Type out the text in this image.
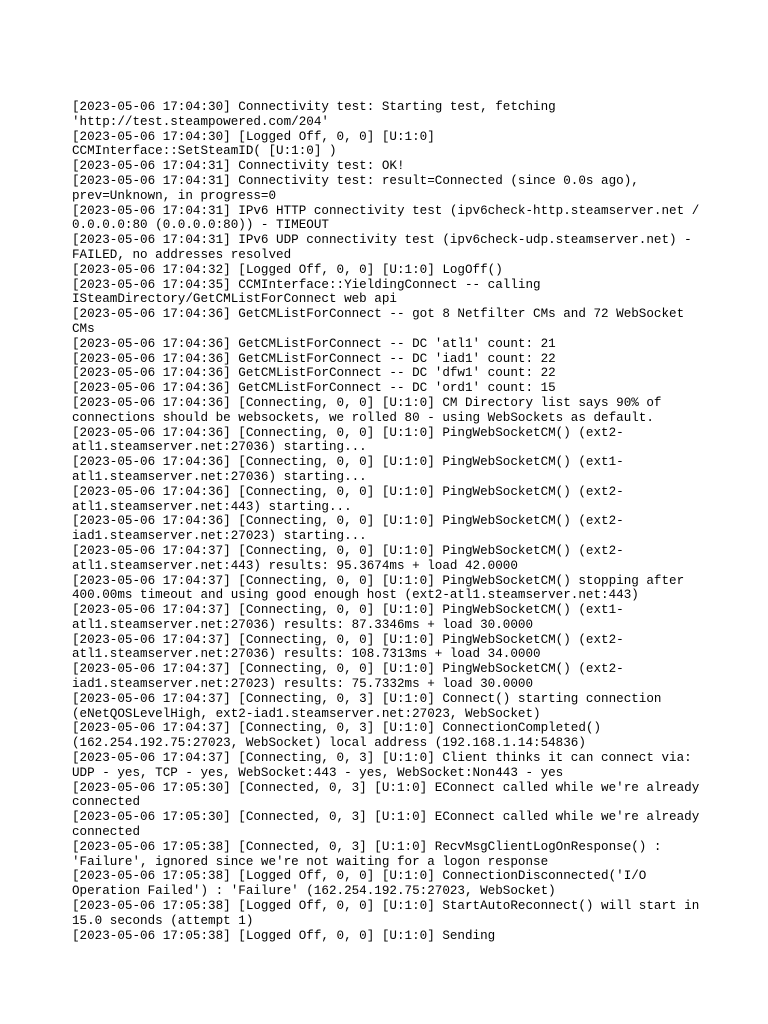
[2023-05-06 17:04:30] Connectivity test: Starting test, fetching
'http://test.steampowered.com/204'
[2023-05-06 17:04:30] [Logged Off, 0, 0] [U:1:0]
CCMInterface::SetSteamID( [U:1:0] )
[2023-05-06 17:04:31] Connectivity test: OK!
[2023-05-06 17:04:31] Connectivity test: result=Connected (since 0.0s ago),
prev=Unknown, in progress=0
[2023-05-06 17:04:31] IPv6 HTTP connectivity test (ipv6check-http.steamserver.net /
0.0.0.0:80 (0.0.0.0:80)) - TIMEOUT
[2023-05-06 17:04:31] IPv6 UDP connectivity test (ipv6check-udp.steamserver.net) -
FAILED, no addresses resolved
[2023-05-06 17:04:32] [Logged Off, 0, 0] [U:1:0] LogOff()
[2023-05-06 17:04:35] CCMInterface::YieldingConnect -- calling
ISteamDirectory/GetCMListForConnect web api
[2023-05-06 17:04:36] GetCMListForConnect -- got 8 Netfilter CMs and 72 WebSocket
CMs
[2023-05-06 17:04:36] GetCMListForConnect -- DC 'atl1' count: 21
[2023-05-06 17:04:36] GetCMListForConnect -- DC 'iad1' count: 22
[2023-05-06 17:04:36] GetCMListForConnect -- DC 'dfw1' count: 22
[2023-05-06 17:04:36] GetCMListForConnect -- DC 'ord1' count: 15
[2023-05-06 17:04:36] [Connecting, 0, 0] [U:1:0] CM Directory list says 90% of
connections should be websockets, we rolled 80 - using WebSockets as default.
[2023-05-06 17:04:36] [Connecting, 0, 0] [U:1:0] PingWebSocketCM() (ext2-
atl1.steamserver.net:27036) starting...
[2023-05-06 17:04:36] [Connecting, 0, 0] [U:1:0] PingWebSocketCM() (ext1-
atl1.steamserver.net:27036) starting...
[2023-05-06 17:04:36] [Connecting, 0, 0] [U:1:0] PingWebSocketCM() (ext2-
atl1.steamserver.net:443) starting...
[2023-05-06 17:04:36] [Connecting, 0, 0] [U:1:0] PingWebSocketCM() (ext2-
iad1.steamserver.net:27023) starting...
[2023-05-06 17:04:37] [Connecting, 0, 0] [U:1:0] PingWebSocketCM() (ext2-
atl1.steamserver.net:443) results: 95.3674ms + load 42.0000
[2023-05-06 17:04:37] [Connecting, 0, 0] [U:1:0] PingWebSocketCM() stopping after
400.00ms timeout and using good enough host (ext2-atl1.steamserver.net:443)
[2023-05-06 17:04:37] [Connecting, 0, 0] [U:1:0] PingWebSocketCM() (ext1-
atl1.steamserver.net:27036) results: 87.3346ms + load 30.0000
[2023-05-06 17:04:37] [Connecting, 0, 0] [U:1:0] PingWebSocketCM() (ext2-
atl1.steamserver.net:27036) results: 108.7313ms + load 34.0000
[2023-05-06 17:04:37] [Connecting, 0, 0] [U:1:0] PingWebSocketCM() (ext2-
iad1.steamserver.net:27023) results: 75.7332ms + load 30.0000
[2023-05-06 17:04:37] [Connecting, 0, 3] [U:1:0] Connect() starting connection
(eNetQOSLevelHigh, ext2-iad1.steamserver.net:27023, WebSocket)
[2023-05-06 17:04:37] [Connecting, 0, 3] [U:1:0] ConnectionCompleted()
(162.254.192.75:27023, WebSocket) local address (192.168.1.14:54836)
[2023-05-06 17:04:37] [Connecting, 0, 3] [U:1:0] Client thinks it can connect via:
UDP - yes, TCP - yes, WebSocket:443 - yes, WebSocket:Non443 - yes
[2023-05-06 17:05:30] [Connected, 0, 3] [U:1:0] EConnect called while we're already
connected
[2023-05-06 17:05:30] [Connected, 0, 3] [U:1:0] EConnect called while we're already
connected
[2023-05-06 17:05:38] [Connected, 0, 3] [U:1:0] RecvMsgClientLogOnResponse() :
'Failure', ignored since we're not waiting for a logon response
[2023-05-06 17:05:38] [Logged Off, 0, 0] [U:1:0] ConnectionDisconnected('I/O
Operation Failed') : 'Failure' (162.254.192.75:27023, WebSocket)
[2023-05-06 17:05:38] [Logged Off, 0, 0] [U:1:0] StartAutoReconnect() will start in
15.0 seconds (attempt 1)
[2023-05-06 17:05:38] [Logged Off, 0, 0] [U:1:0] Sending
